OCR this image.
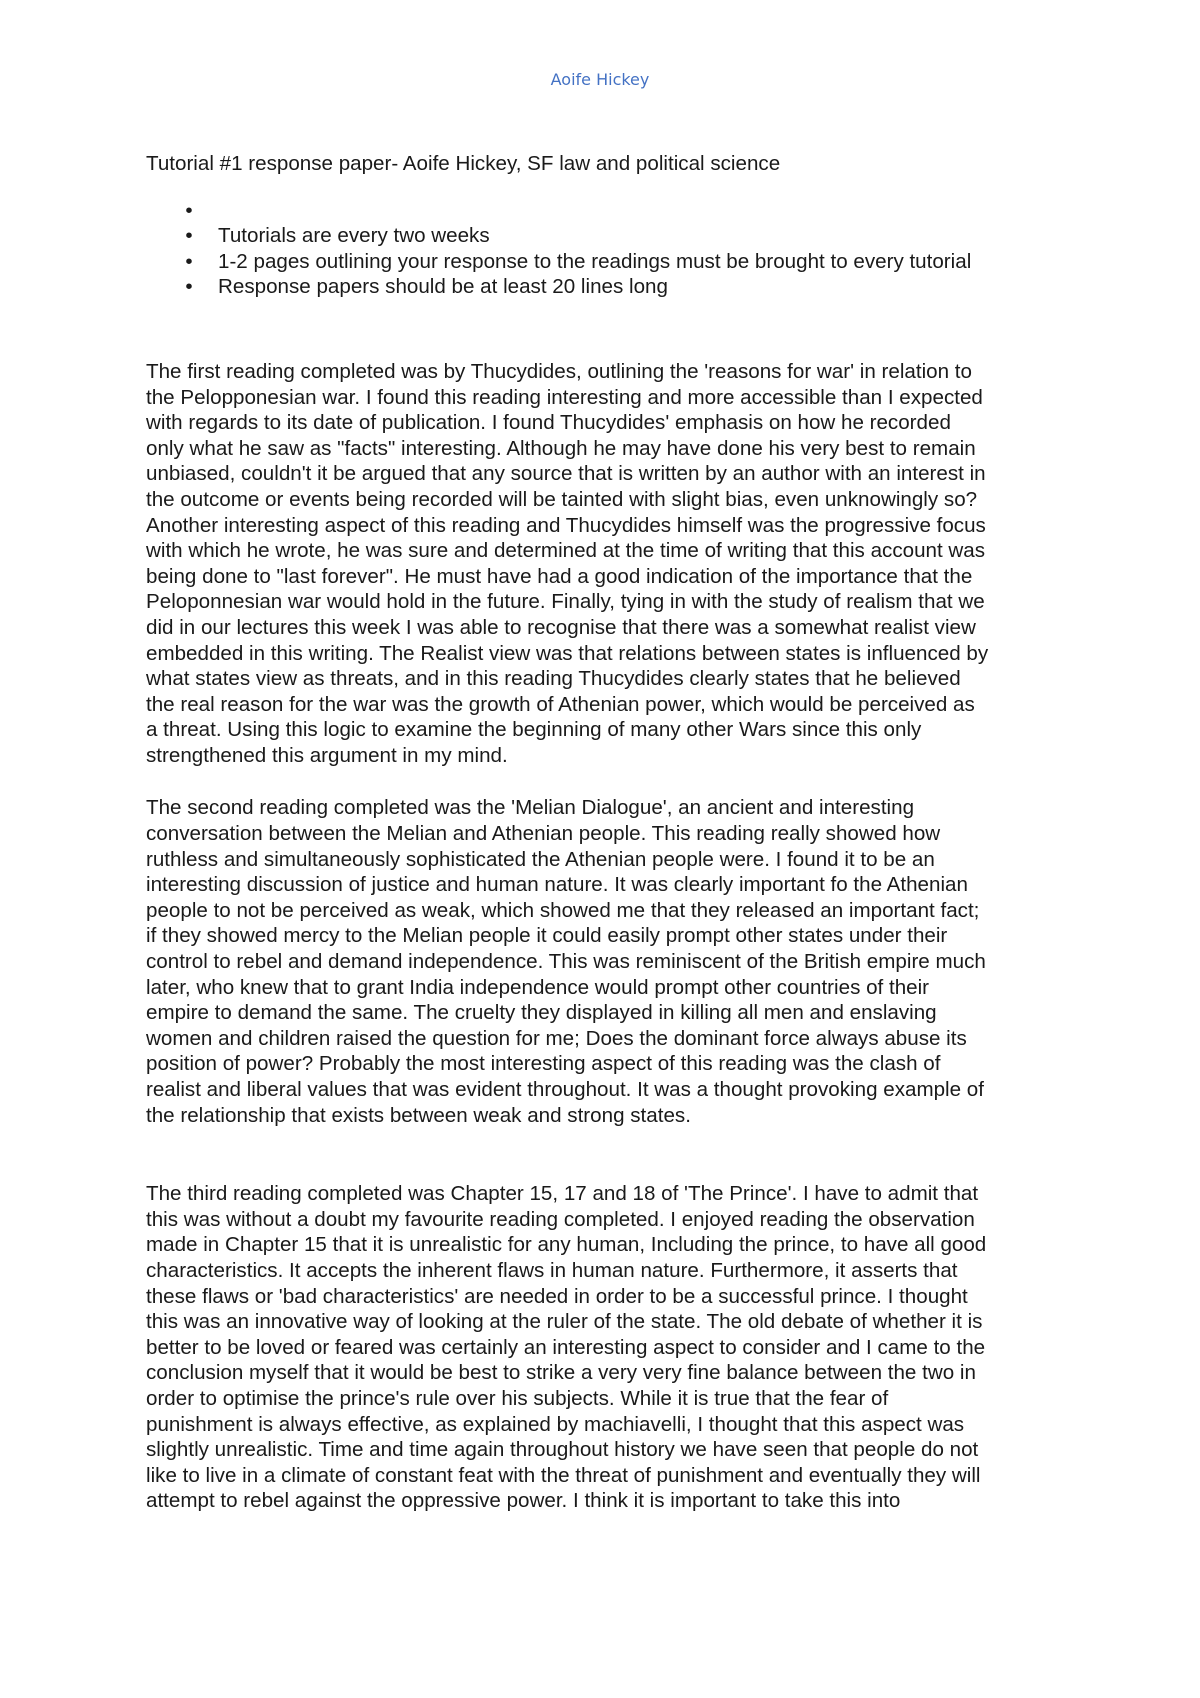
Aoife Hickey

Tutorial #1 response paper- Aoife Hickey, SF law and political science

•
• Tutorials are every two weeks
• 1-2 pages outlining your response to the readings must be brought to every tutorial
• Response papers should be at least 20 lines long

The first reading completed was by Thucydides, outlining the 'reasons for war' in relation to
the Pelopponesian war. I found this reading interesting and more accessible than I expected
with regards to its date of publication. I found Thucydides' emphasis on how he recorded
only what he saw as "facts" interesting. Although he may have done his very best to remain
unbiased, couldn't it be argued that any source that is written by an author with an interest in
the outcome or events being recorded will be tainted with slight bias, even unknowingly so?
Another interesting aspect of this reading and Thucydides himself was the progressive focus
with which he wrote, he was sure and determined at the time of writing that this account was
being done to "last forever". He must have had a good indication of the importance that the
Peloponnesian war would hold in the future. Finally, tying in with the study of realism that we
did in our lectures this week I was able to recognise that there was a somewhat realist view
embedded in this writing. The Realist view was that relations between states is influenced by
what states view as threats, and in this reading Thucydides clearly states that he believed
the real reason for the war was the growth of Athenian power, which would be perceived as
a threat. Using this logic to examine the beginning of many other Wars since this only
strengthened this argument in my mind.

The second reading completed was the 'Melian Dialogue', an ancient and interesting
conversation between the Melian and Athenian people. This reading really showed how
ruthless and simultaneously sophisticated the Athenian people were. I found it to be an
interesting discussion of justice and human nature. It was clearly important fo the Athenian
people to not be perceived as weak, which showed me that they released an important fact;
if they showed mercy to the Melian people it could easily prompt other states under their
control to rebel and demand independence. This was reminiscent of the British empire much
later, who knew that to grant India independence would prompt other countries of their
empire to demand the same. The cruelty they displayed in killing all men and enslaving
women and children raised the question for me; Does the dominant force always abuse its
position of power? Probably the most interesting aspect of this reading was the clash of
realist and liberal values that was evident throughout. It was a thought provoking example of
the relationship that exists between weak and strong states.

The third reading completed was Chapter 15, 17 and 18 of 'The Prince'. I have to admit that
this was without a doubt my favourite reading completed. I enjoyed reading the observation
made in Chapter 15 that it is unrealistic for any human, Including the prince, to have all good
characteristics. It accepts the inherent flaws in human nature. Furthermore, it asserts that
these flaws or 'bad characteristics' are needed in order to be a successful prince. I thought
this was an innovative way of looking at the ruler of the state. The old debate of whether it is
better to be loved or feared was certainly an interesting aspect to consider and I came to the
conclusion myself that it would be best to strike a very very fine balance between the two in
order to optimise the prince's rule over his subjects. While it is true that the fear of
punishment is always effective, as explained by machiavelli, I thought that this aspect was
slightly unrealistic. Time and time again throughout history we have seen that people do not
like to live in a climate of constant feat with the threat of punishment and eventually they will
attempt to rebel against the oppressive power. I think it is important to take this into
